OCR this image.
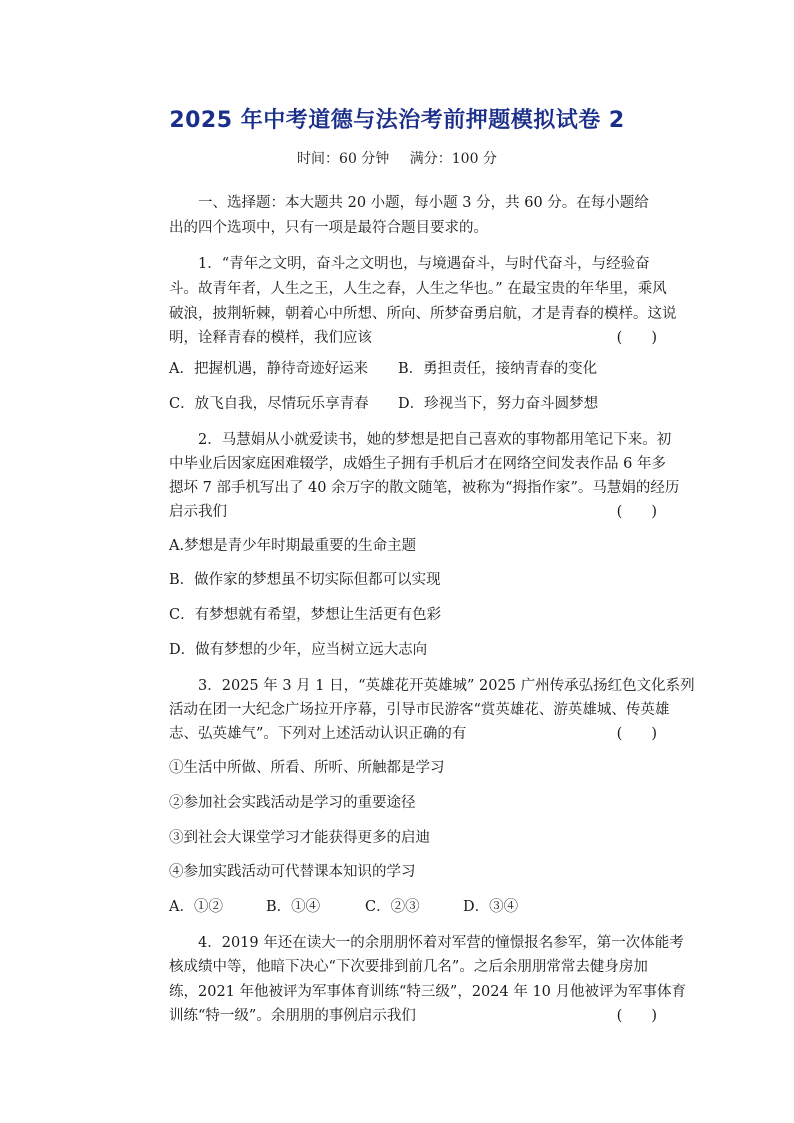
2025 年中考道德与法治考前押题模拟试卷 2
时间：60 分钟 满分：100 分

一、选择题：本大题共 20 小题，每小题 3 分，共 60 分。在每小题给出的四个选项中，只有一项是最符合题目要求的。

1．“青年之文明，奋斗之文明也，与境遇奋斗，与时代奋斗，与经验奋
斗。故青年者，人生之王，人生之春，人生之华也。” 在最宝贵的年华里，乘风
破浪，披荆斩棘，朝着心中所想、所向、所梦奋勇启航，才是青春的模样。这说
明，诠释青春的模样，我们应该	(　　)
A．把握机遇，静待奇迹好运来 B．勇担责任，接纳青春的变化
C．放飞自我，尽情玩乐享青春 D．珍视当下，努力奋斗圆梦想
2．马慧娟从小就爱读书，她的梦想是把自己喜欢的事物都用笔记下来。初
中毕业后因家庭困难辍学，成婚生子拥有手机后才在网络空间发表作品 6 年多
摁坏 7 部手机写出了 40 余万字的散文随笔，被称为“拇指作家”。马慧娟的经历
启示我们	(　　)
A.梦想是青少年时期最重要的生命主题
B．做作家的梦想虽不切实际但都可以实现
C．有梦想就有希望，梦想让生活更有色彩
D．做有梦想的少年，应当树立远大志向
3．2025 年 3 月 1 日，“英雄花开英雄城” 2025 广州传承弘扬红色文化系列
活动在团一大纪念广场拉开序幕，引导市民游客“赏英雄花、游英雄城、传英雄
志、弘英雄气”。下列对上述活动认识正确的有	(　　)
①生活中所做、所看、所听、所触都是学习
②参加社会实践活动是学习的重要途径
③到社会大课堂学习才能获得更多的启迪
④参加实践活动可代替课本知识的学习
A．①②	B．①④	C．②③	D．③④
4．2019 年还在读大一的余朋朋怀着对军营的憧憬报名参军，第一次体能考
核成绩中等，他暗下决心“下次要排到前几名”。之后余朋朋常常去健身房加
练，2021 年他被评为军事体育训练“特三级”，2024 年 10 月他被评为军事体育
训练“特一级”。余朋朋的事例启示我们	(　　)
